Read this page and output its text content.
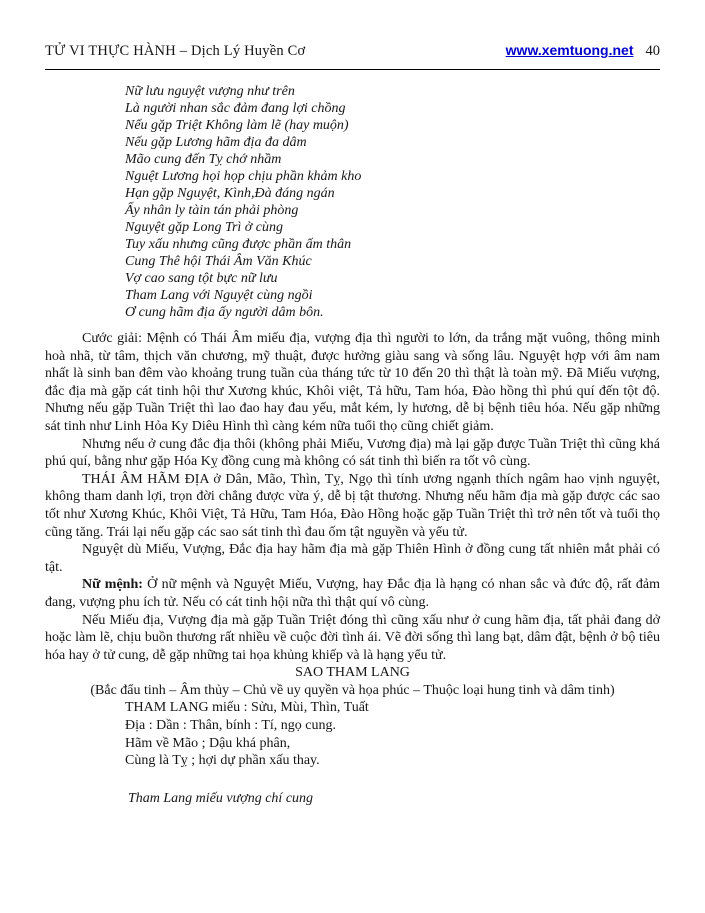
TỬ VI THỰC HÀNH – Dịch Lý Huyền Cơ	www.xemtuong.net 40
Nữ lưu nguyệt vượng như trên
Là người nhan sắc đảm đang lợi chồng
Nếu gặp Triệt Không làm lẽ (hay muộn)
Nếu gặp Lương hãm địa đa dâm
Mão cung đến Tỵ chớ nhầm
Nguệt Lương họi họp chịu phần khảm kho
Hạn gặp Nguyệt, Kình,Đà đáng ngán
Ấy nhân ly tàin tán phải phòng
Nguyệt gặp Long Trì ở cùng
Tuy xấu nhưng cũng được phần ấm thân
Cung Thê hội Thái Âm Văn Khúc
Vợ cao sang tột bực nữ lưu
Tham Lang với Nguyệt cùng ngồi
Ơ cung hãm địa ấy người dâm bôn.

Cước giải: Mệnh có Thái Âm miếu địa, vượng địa thì người to lớn, da trắng mặt vuông, thông minh hoà nhã, từ tâm, thịch văn chương, mỹ thuật, được hưởng giàu sang và sống lâu. Nguyệt hợp với âm nam nhất là sinh ban đêm vào khoảng trung tuần của tháng tức từ 10 đến 20 thì thật là toàn mỹ. Đã Miếu vượng, đắc địa mà gặp cát tinh hội thư Xương khúc, Khôi việt, Tả hữu, Tam hóa, Đào hồng thì phú quí đến tột độ. Nhưng nếu gặp Tuần Triệt thì lao đao hay đau yếu, mắt kém, ly hương, dễ bị bệnh tiêu hóa. Nếu gặp những sát tinh như Linh Hỏa Ky Diêu Hình thì càng kém nữa tuổi thọ cũng chiết giảm.

Nhưng nếu ở cung đắc địa thôi (không phải Miếu, Vương địa) mà lại gặp được Tuần Triệt thì cũng khá phú quí, bằng như gặp Hóa Kỵ đồng cung mà không có sát tinh thì biến ra tốt vô cùng.

THÁI ÂM HÃM ĐỊA ở Dân, Mão, Thìn, Tỵ, Ngọ thì tính ương ngạnh thích ngâm hao vịnh nguyệt, không tham danh lợi, trọn đời chẳng được vừa ý, dễ bị tật thương. Nhưng nếu hãm địa mà gặp được các sao tốt như Xương Khúc, Khôi Việt, Tả Hữu, Tam Hóa, Đào Hồng hoặc gặp Tuần Triệt thì trở nên tốt và tuổi thọ cũng tăng. Trái lại nếu gặp các sao sát tinh thì đau ốm tật nguyền và yểu tử.

Nguyệt dù Miếu, Vượng, Đắc địa hay hãm địa mà gặp Thiên Hình ở đồng cung tất nhiên mắt phải có tật.

Nữ mệnh: Ở nữ mệnh và Nguyệt Miếu, Vượng, hay Đắc địa là hạng có nhan sắc và đức độ, rất đảm đang, vượng phu ích tử. Nếu có cát tinh hội nữa thì thật quí vô cùng.

Nếu Miếu địa, Vượng địa mà gặp Tuần Triệt đóng thì cũng xấu như ở cung hãm địa, tất phải đang dở hoặc làm lẽ, chịu buồn thương rất nhiều về cuộc đời tình ái. Vẽ đời sống thì lang bạt, dâm đật, bệnh ở bộ tiêu hóa hay ở tử cung, dễ gặp những tai họa khủng khiếp và là hạng yểu tử.

SAO THAM LANG

(Bắc đẩu tinh – Âm thủy – Chủ về uy quyền và họa phúc – Thuộc loại hung tinh và dâm tinh)

THAM LANG miếu : Sửu, Mùi, Thìn, Tuất
Địa : Dần : Thân, bính : Tí, ngọ cung.
Hãm về Mão ; Dậu khá phân,
Cùng là Tỵ ; hợi dự phần xấu thay.
Tham Lang miếu vượng chí cung
